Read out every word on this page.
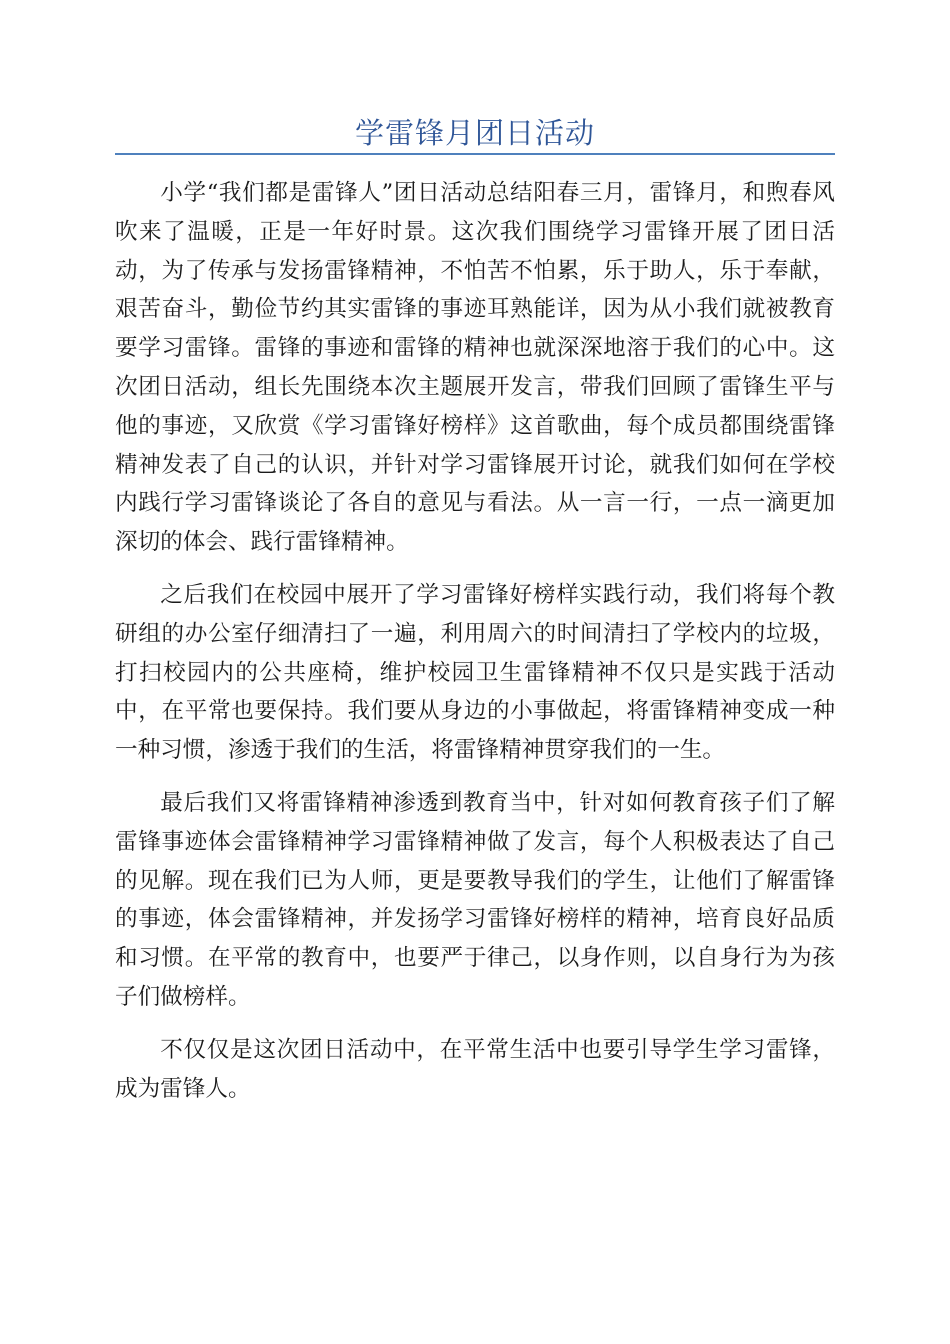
学雷锋月团日活动

小学“我们都是雷锋人”团日活动总结阳春三月，雷锋月，和煦春风吹来了温暖，正是一年好时景。这次我们围绕学习雷锋开展了团日活动，为了传承与发扬雷锋精神，不怕苦不怕累，乐于助人，乐于奉献，艰苦奋斗，勤俭节约其实雷锋的事迹耳熟能详，因为从小我们就被教育要学习雷锋。雷锋的事迹和雷锋的精神也就深深地溶于我们的心中。这次团日活动，组长先围绕本次主题展开发言，带我们回顾了雷锋生平与他的事迹，又欣赏《学习雷锋好榜样》这首歌曲，每个成员都围绕雷锋精神发表了自己的认识，并针对学习雷锋展开讨论，就我们如何在学校内践行学习雷锋谈论了各自的意见与看法。从一言一行，一点一滴更加深切的体会、践行雷锋精神。

之后我们在校园中展开了学习雷锋好榜样实践行动，我们将每个教研组的办公室仔细清扫了一遍，利用周六的时间清扫了学校内的垃圾，打扫校园内的公共座椅，维护校园卫生雷锋精神不仅只是实践于活动中，在平常也要保持。我们要从身边的小事做起，将雷锋精神变成一种一种习惯，渗透于我们的生活，将雷锋精神贯穿我们的一生。

最后我们又将雷锋精神渗透到教育当中，针对如何教育孩子们了解雷锋事迹体会雷锋精神学习雷锋精神做了发言，每个人积极表达了自己的见解。现在我们已为人师，更是要教导我们的学生，让他们了解雷锋的事迹，体会雷锋精神，并发扬学习雷锋好榜样的精神，培育良好品质和习惯。在平常的教育中，也要严于律己，以身作则，以自身行为为孩子们做榜样。

不仅仅是这次团日活动中，在平常生活中也要引导学生学习雷锋，成为雷锋人。
